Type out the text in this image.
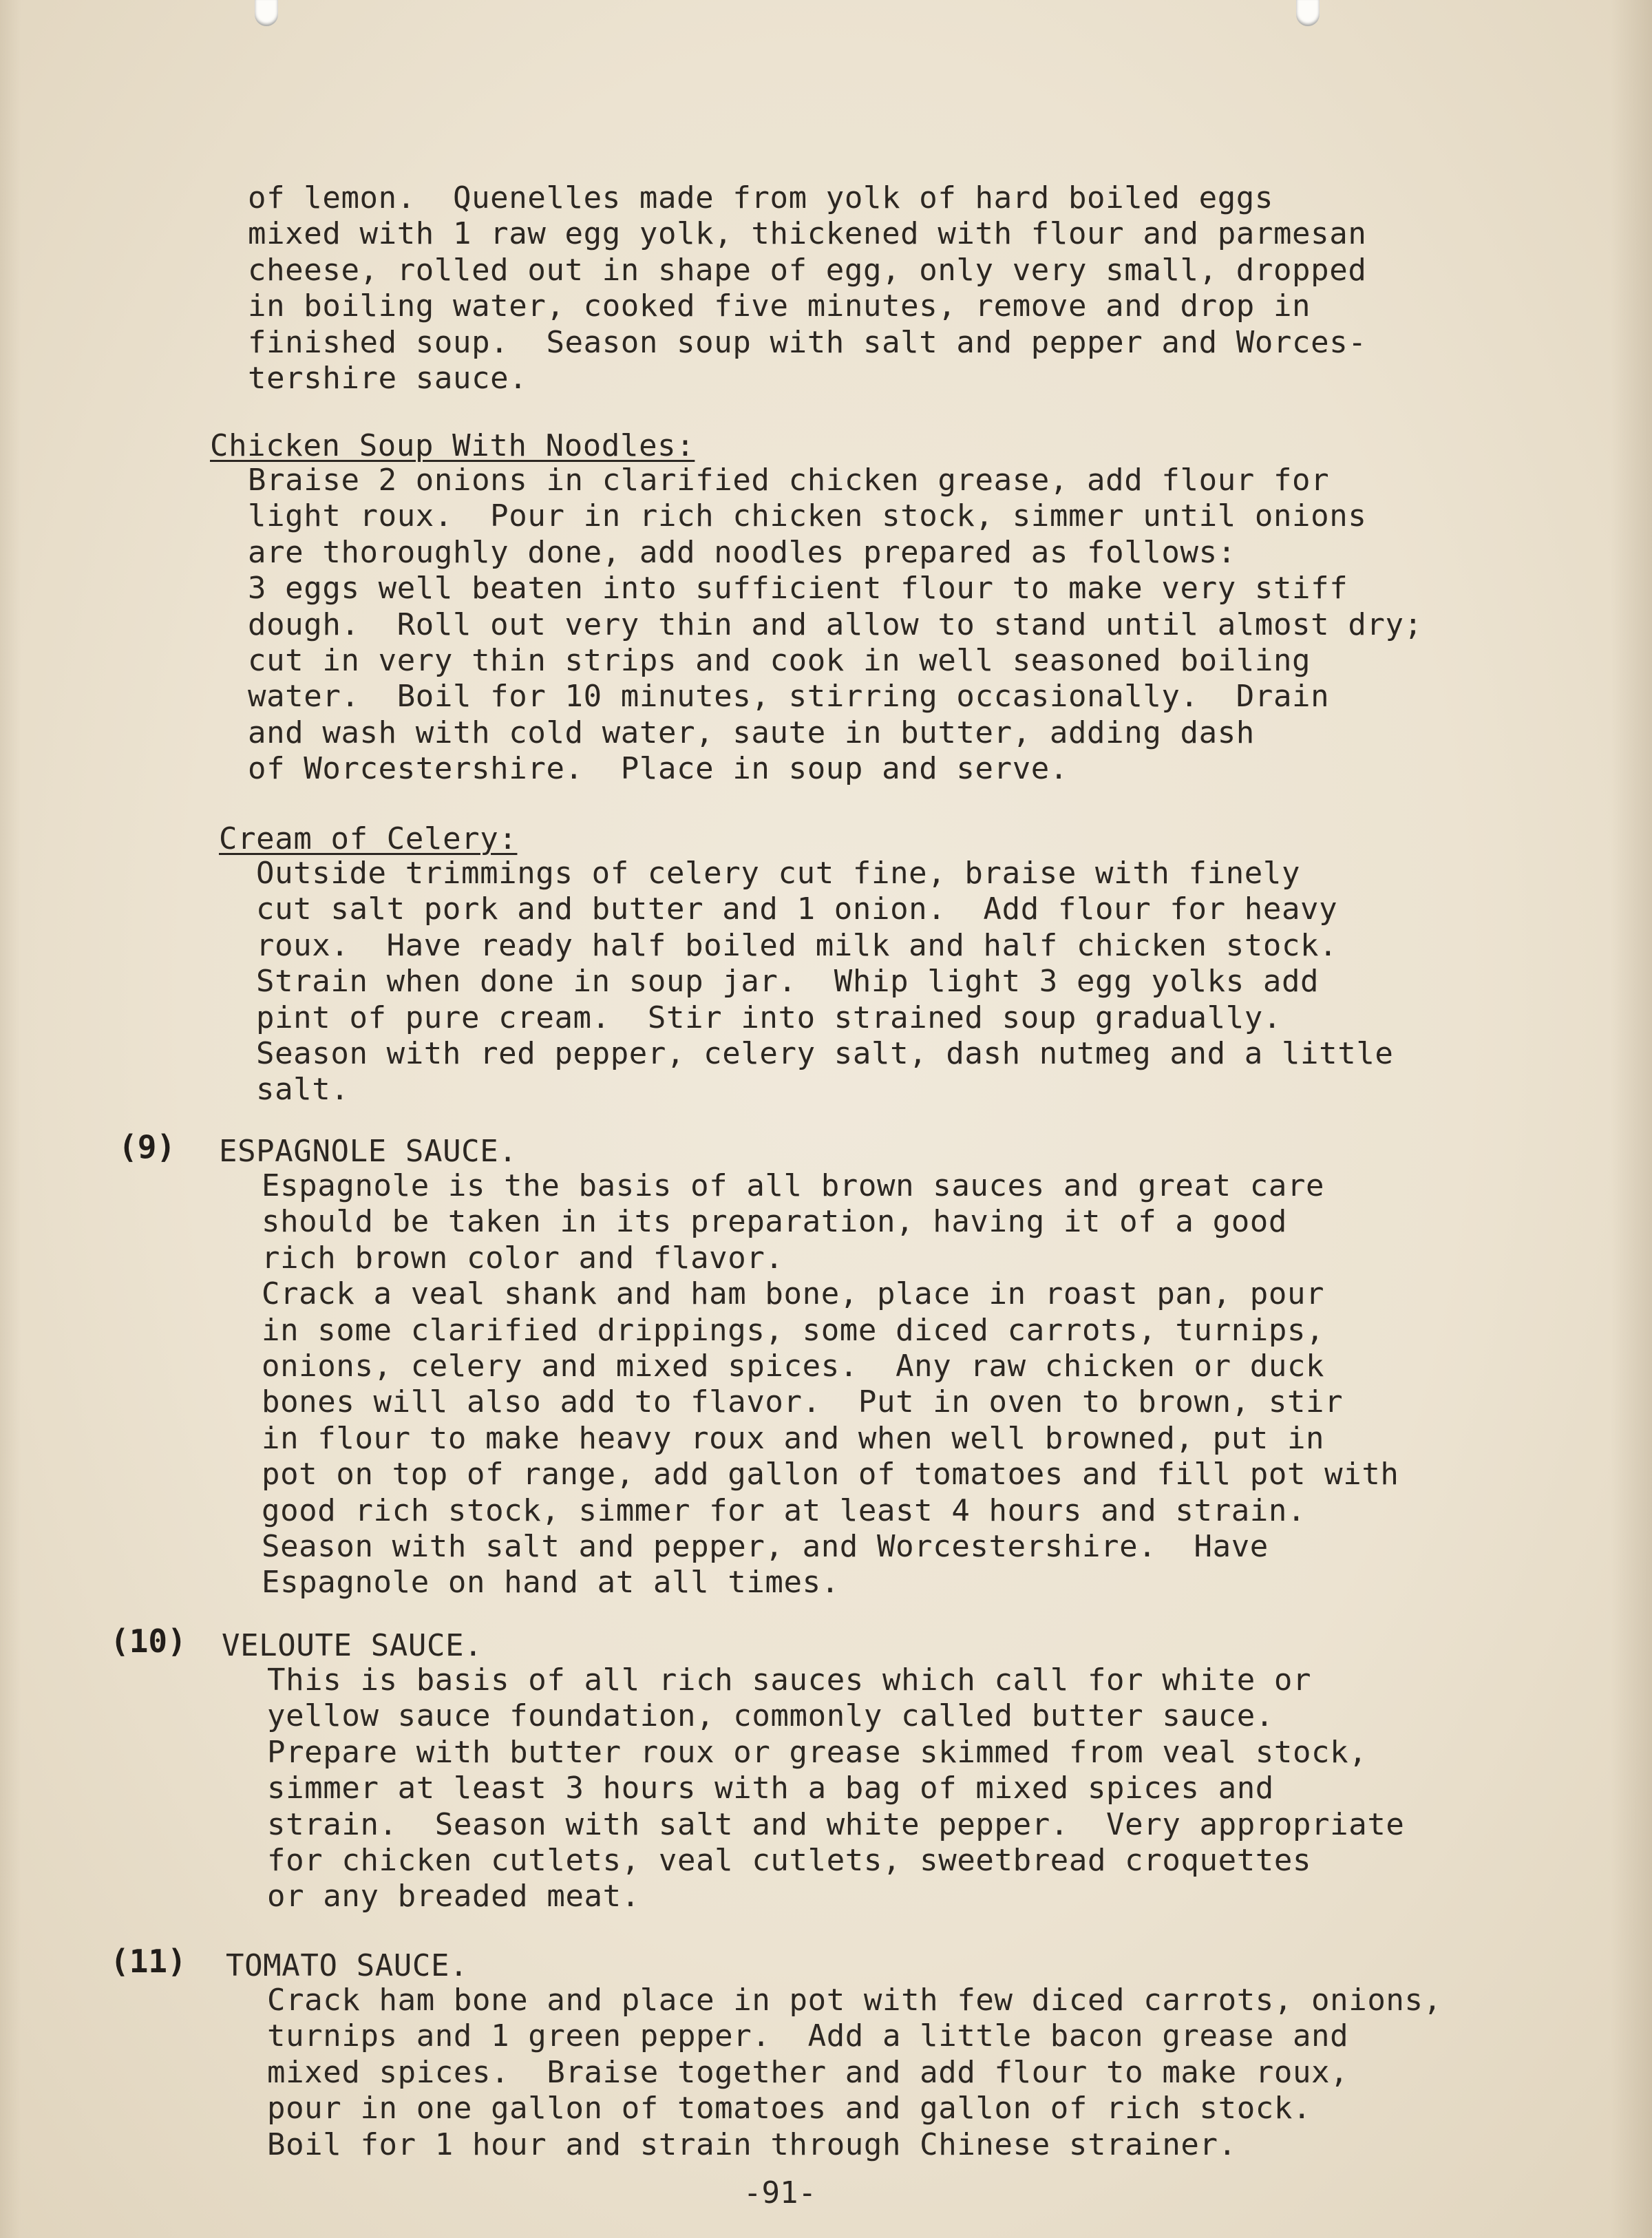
of lemon.  Quenelles made from yolk of hard boiled eggs
mixed with 1 raw egg yolk, thickened with flour and parmesan
cheese, rolled out in shape of egg, only very small, dropped
in boiling water, cooked five minutes, remove and drop in
finished soup.  Season soup with salt and pepper and Worces-
tershire sauce.
Chicken Soup With Noodles:
Braise 2 onions in clarified chicken grease, add flour for
light roux.  Pour in rich chicken stock, simmer until onions
are thoroughly done, add noodles prepared as follows:
3 eggs well beaten into sufficient flour to make very stiff
dough.  Roll out very thin and allow to stand until almost dry;
cut in very thin strips and cook in well seasoned boiling
water.  Boil for 10 minutes, stirring occasionally.  Drain
and wash with cold water, saute in butter, adding dash
of Worcestershire.  Place in soup and serve.
Cream of Celery:
Outside trimmings of celery cut fine, braise with finely
cut salt pork and butter and 1 onion.  Add flour for heavy
roux.  Have ready half boiled milk and half chicken stock.
Strain when done in soup jar.  Whip light 3 egg yolks add
pint of pure cream.  Stir into strained soup gradually.
Season with red pepper, celery salt, dash nutmeg and a little
salt.
(9) ESPAGNOLE SAUCE.
Espagnole is the basis of all brown sauces and great care
should be taken in its preparation, having it of a good
rich brown color and flavor.
Crack a veal shank and ham bone, place in roast pan, pour
in some clarified drippings, some diced carrots, turnips,
onions, celery and mixed spices.  Any raw chicken or duck
bones will also add to flavor.  Put in oven to brown, stir
in flour to make heavy roux and when well browned, put in
pot on top of range, add gallon of tomatoes and fill pot with
good rich stock, simmer for at least 4 hours and strain.
Season with salt and pepper, and Worcestershire.  Have
Espagnole on hand at all times.
(10) VELOUTE SAUCE.
This is basis of all rich sauces which call for white or
yellow sauce foundation, commonly called butter sauce.
Prepare with butter roux or grease skimmed from veal stock,
simmer at least 3 hours with a bag of mixed spices and
strain.  Season with salt and white pepper.  Very appropriate
for chicken cutlets, veal cutlets, sweetbread croquettes
or any breaded meat.
(11) TOMATO SAUCE.
Crack ham bone and place in pot with few diced carrots, onions,
turnips and 1 green pepper.  Add a little bacon grease and
mixed spices.  Braise together and add flour to make roux,
pour in one gallon of tomatoes and gallon of rich stock.
Boil for 1 hour and strain through Chinese strainer.
-91-
